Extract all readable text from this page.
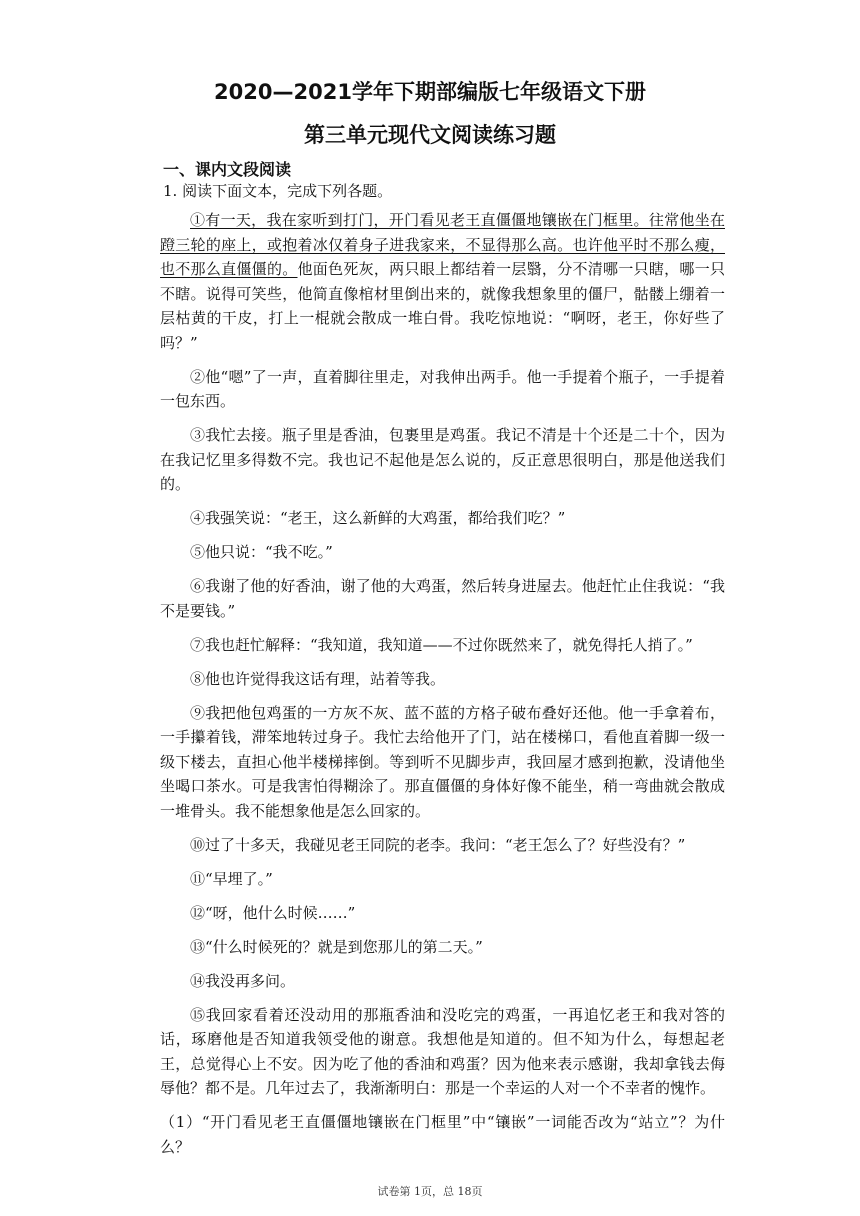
2020—2021学年下期部编版七年级语文下册
第三单元现代文阅读练习题
一、课内文段阅读
1. 阅读下面文本，完成下列各题。

①有一天，我在家听到打门，开门看见老王直僵僵地镶嵌在门框里。往常他坐在蹬三轮的座上，或抱着冰仅着身子进我家来，不显得那么高。也许他平时不那么瘦，也不那么直僵僵的。他面色死灰，两只眼上都结着一层翳，分不清哪一只瞎，哪一只不瞎。说得可笑些，他简直像棺材里倒出来的，就像我想象里的僵尸，骷髅上绷着一层枯黄的干皮，打上一棍就会散成一堆白骨。我吃惊地说：“啊呀，老王，你好些了吗？”

②他“嗯”了一声，直着脚往里走，对我伸出两手。他一手提着个瓶子，一手提着一包东西。

③我忙去接。瓶子里是香油，包裹里是鸡蛋。我记不清是十个还是二十个，因为在我记忆里多得数不完。我也记不起他是怎么说的，反正意思很明白，那是他送我们的。

④我强笑说：“老王，这么新鲜的大鸡蛋，都给我们吃？”

⑤他只说：“我不吃。”

⑥我谢了他的好香油，谢了他的大鸡蛋，然后转身进屋去。他赶忙止住我说：“我不是要钱。”

⑦我也赶忙解释：“我知道，我知道——不过你既然来了，就免得托人捎了。”

⑧他也许觉得我这话有理，站着等我。

⑨我把他包鸡蛋的一方灰不灰、蓝不蓝的方格子破布叠好还他。他一手拿着布，一手攥着钱，滞笨地转过身子。我忙去给他开了门，站在楼梯口，看他直着脚一级一级下楼去，直担心他半楼梯摔倒。等到听不见脚步声，我回屋才感到抱歉，没请他坐坐喝口茶水。可是我害怕得糊涂了。那直僵僵的身体好像不能坐，稍一弯曲就会散成一堆骨头。我不能想象他是怎么回家的。

⑩过了十多天，我碰见老王同院的老李。我问：“老王怎么了？好些没有？”

⑪“早埋了。”

⑫“呀，他什么时候……”

⑬“什么时候死的？就是到您那儿的第二天。”

⑭我没再多问。

⑮我回家看着还没动用的那瓶香油和没吃完的鸡蛋，一再追忆老王和我对答的话，琢磨他是否知道我领受他的谢意。我想他是知道的。但不知为什么，每想起老王，总觉得心上不安。因为吃了他的香油和鸡蛋？因为他来表示感谢，我却拿钱去侮辱他？都不是。几年过去了，我渐渐明白：那是一个幸运的人对一个不幸者的愧怍。

（1）“开门看见老王直僵僵地镶嵌在门框里”中“镶嵌”一词能否改为“站立”？为什么？

试卷第 1页，总 18页
